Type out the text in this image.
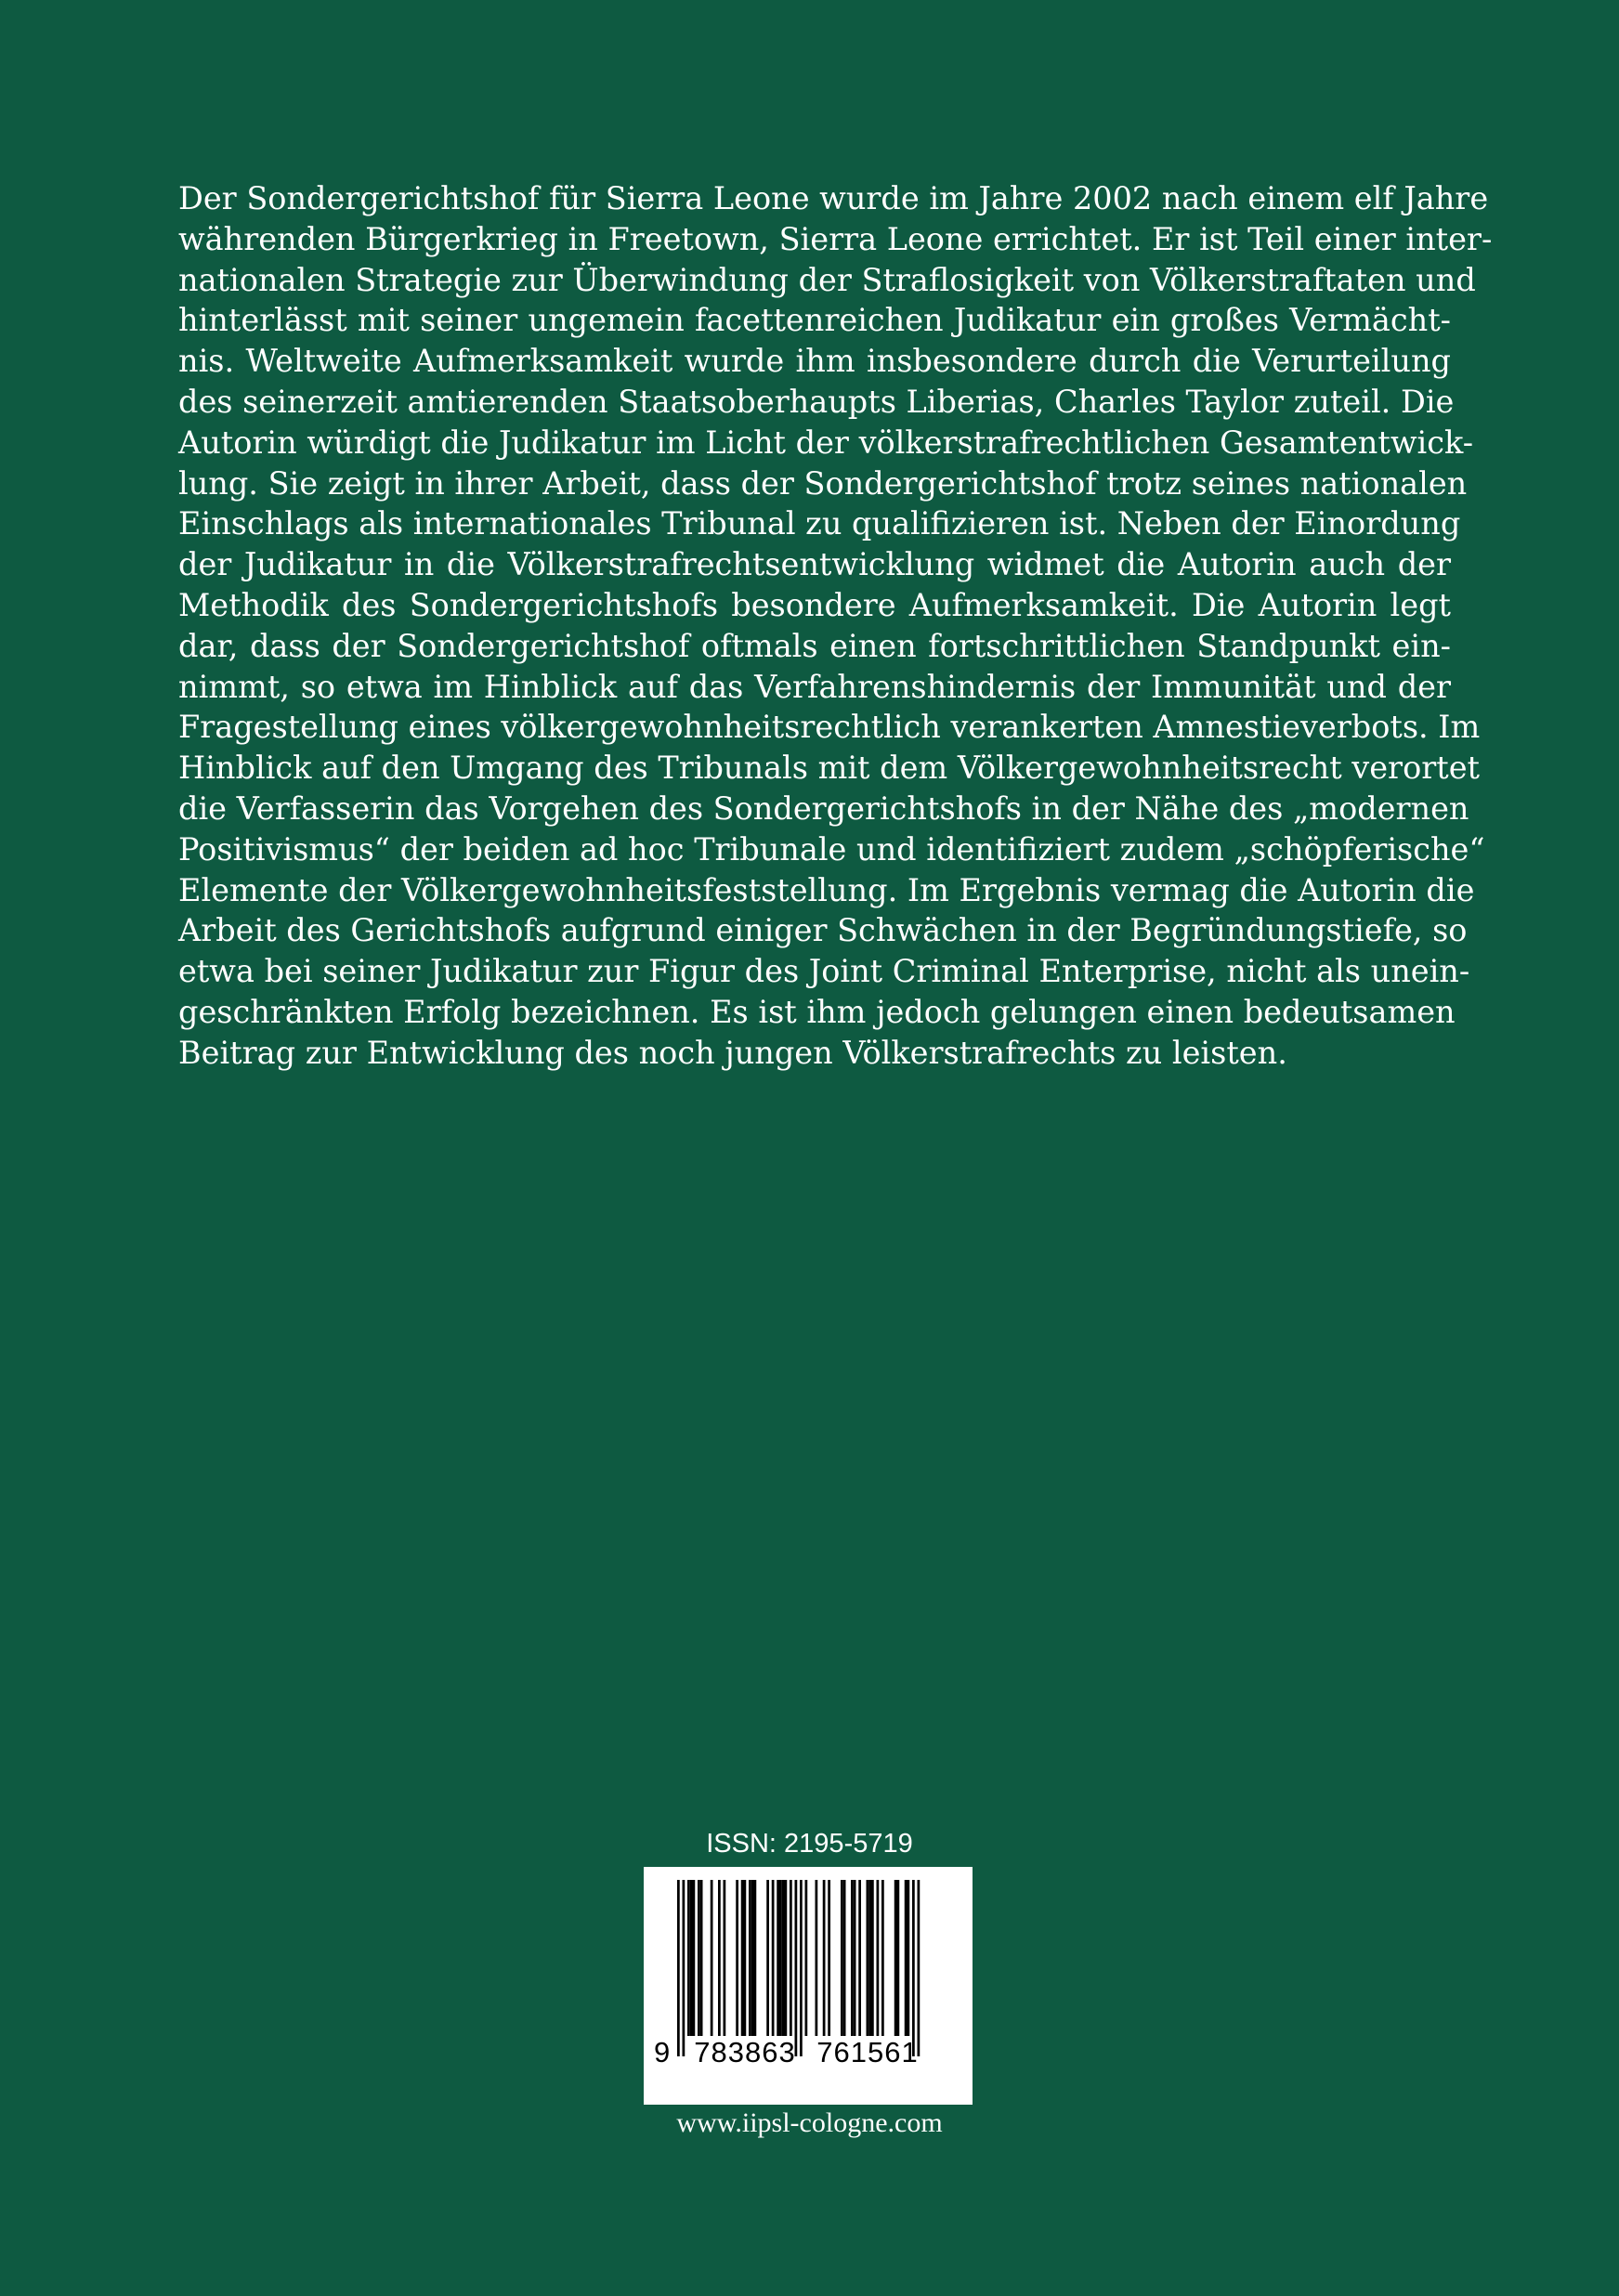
Der Sondergerichtshof für Sierra Leone wurde im Jahre 2002 nach einem elf Jahre
währenden Bürgerkrieg in Freetown, Sierra Leone errichtet. Er ist Teil einer inter-
nationalen Strategie zur Überwindung der Straflosigkeit von Völkerstraftaten und
hinterlässt mit seiner ungemein facettenreichen Judikatur ein großes Vermächt-
nis. Weltweite Aufmerksamkeit wurde ihm insbesondere durch die Verurteilung
des seinerzeit amtierenden Staatsoberhaupts Liberias, Charles Taylor zuteil. Die
Autorin würdigt die Judikatur im Licht der völkerstrafrechtlichen Gesamtentwick-
lung. Sie zeigt in ihrer Arbeit, dass der Sondergerichtshof trotz seines nationalen
Einschlags als internationales Tribunal zu qualifizieren ist. Neben der Einordung
der Judikatur in die Völkerstrafrechtsentwicklung widmet die Autorin auch der
Methodik des Sondergerichtshofs besondere Aufmerksamkeit. Die Autorin legt
dar, dass der Sondergerichtshof oftmals einen fortschrittlichen Standpunkt ein-
nimmt, so etwa im Hinblick auf das Verfahrenshindernis der Immunität und der
Fragestellung eines völkergewohnheitsrechtlich verankerten Amnestieverbots. Im
Hinblick auf den Umgang des Tribunals mit dem Völkergewohnheitsrecht verortet
die Verfasserin das Vorgehen des Sondergerichtshofs in der Nähe des „modernen
Positivismus“ der beiden ad hoc Tribunale und identifiziert zudem „schöpferische“
Elemente der Völkergewohnheitsfeststellung. Im Ergebnis vermag die Autorin die
Arbeit des Gerichtshofs aufgrund einiger Schwächen in der Begründungstiefe, so
etwa bei seiner Judikatur zur Figur des Joint Criminal Enterprise, nicht als unein-
geschränkten Erfolg bezeichnen. Es ist ihm jedoch gelungen einen bedeutsamen
Beitrag zur Entwicklung des noch jungen Völkerstrafrechts zu leisten.
ISSN: 2195-5719
9 783863 761561
www.iipsl-cologne.com
